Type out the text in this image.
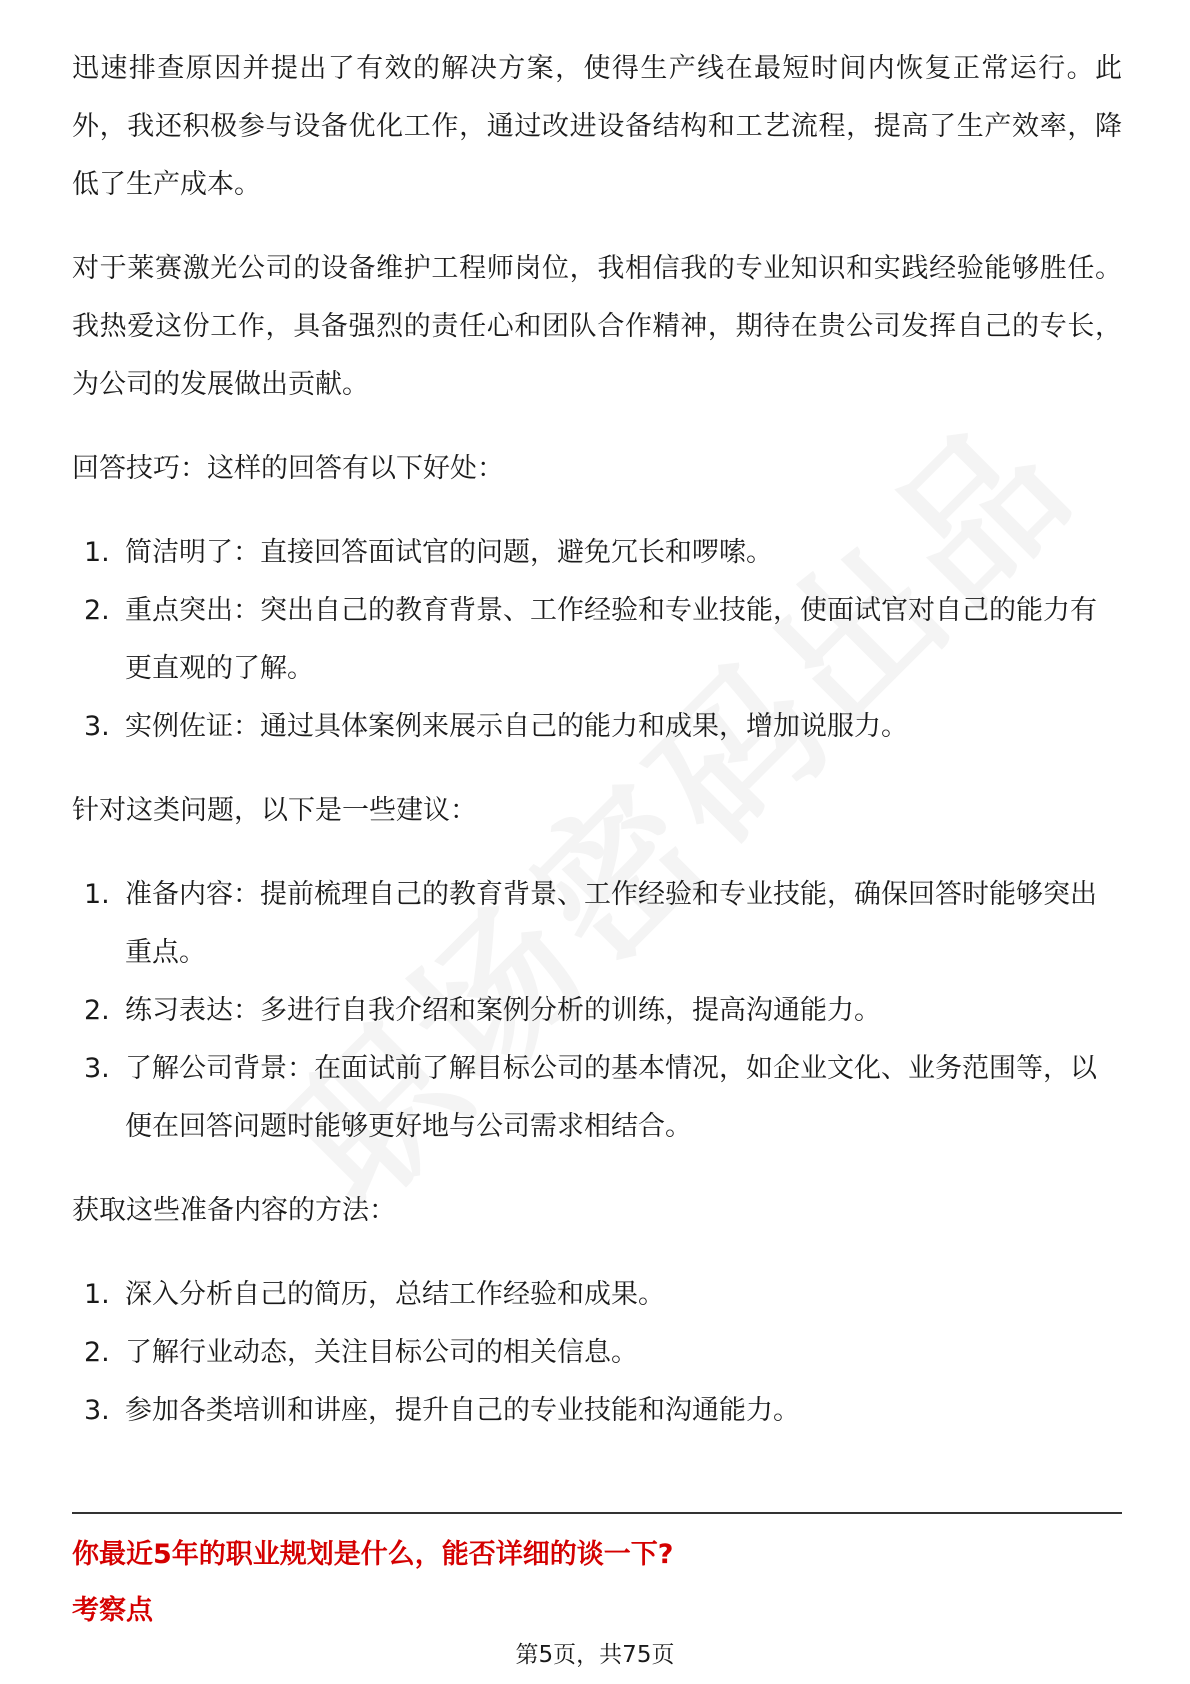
迅速排查原因并提出了有效的解决方案，使得生产线在最短时间内恢复正常运行。此外，我还积极参与设备优化工作，通过改进设备结构和工艺流程，提高了生产效率，降低了生产成本。

对于莱赛激光公司的设备维护工程师岗位，我相信我的专业知识和实践经验能够胜任。我热爱这份工作，具备强烈的责任心和团队合作精神，期待在贵公司发挥自己的专长，为公司的发展做出贡献。

回答技巧：这样的回答有以下好处：

1. 简洁明了：直接回答面试官的问题，避免冗长和啰嗦。
2. 重点突出：突出自己的教育背景、工作经验和专业技能，使面试官对自己的能力有更直观的了解。
3. 实例佐证：通过具体案例来展示自己的能力和成果，增加说服力。

针对这类问题，以下是一些建议：

1. 准备内容：提前梳理自己的教育背景、工作经验和专业技能，确保回答时能够突出重点。
2. 练习表达：多进行自我介绍和案例分析的训练，提高沟通能力。
3. 了解公司背景：在面试前了解目标公司的基本情况，如企业文化、业务范围等，以便在回答问题时能够更好地与公司需求相结合。

获取这些准备内容的方法：

1. 深入分析自己的简历，总结工作经验和成果。
2. 了解行业动态，关注目标公司的相关信息。
3. 参加各类培训和讲座，提升自己的专业技能和沟通能力。
你最近5年的职业规划是什么，能否详细的谈一下?
考察点
第5页，共75页
